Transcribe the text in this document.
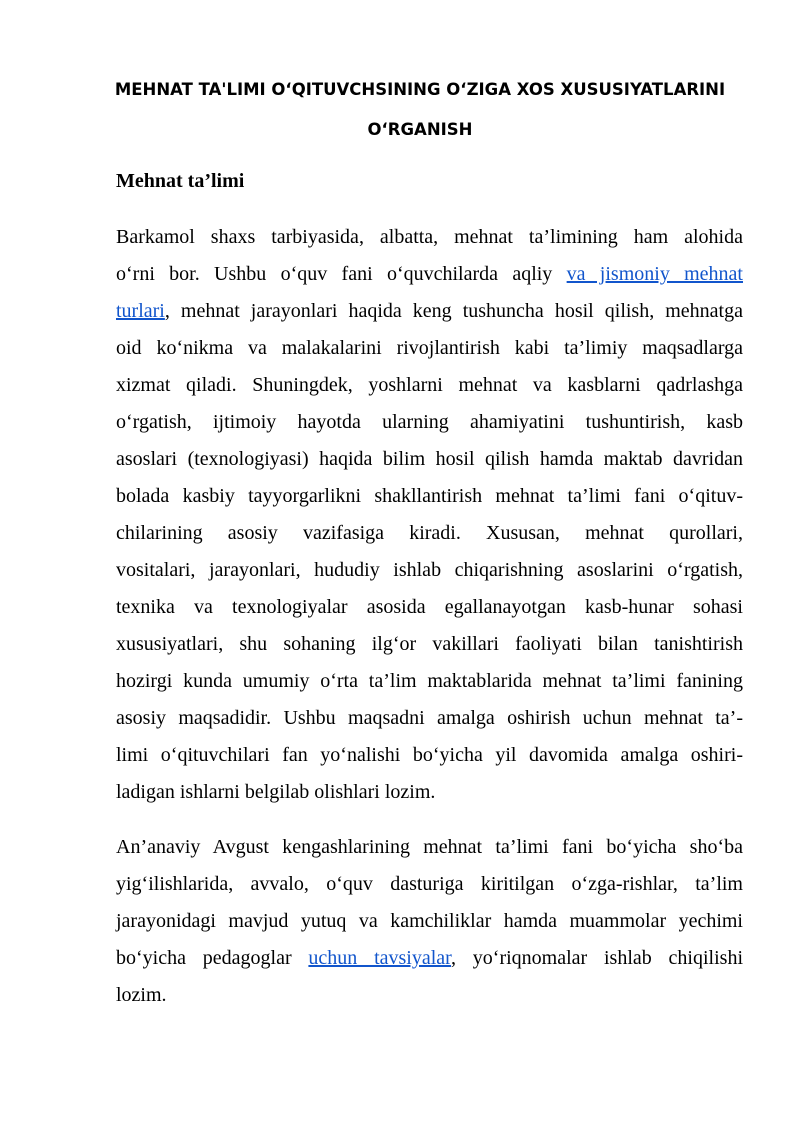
MEHNAT TA'LIMI O‘QITUVCHSINING O‘ZIGA XOS XUSUSIYATLARINI
O‘RGANISH
Mehnat ta’limi
Barkamol shaxs tarbiyasida, albatta, mehnat ta’limining ham alohida
o‘rni bor. Ushbu o‘quv fani o‘quvchilarda aqliy va jismoniy mehnat
turlari, mehnat jarayonlari haqida keng tushuncha hosil qilish, mehnatga
oid ko‘nikma va malakalarini rivojlantirish kabi ta’limiy maqsadlarga
xizmat qiladi. Shuningdek, yoshlarni mehnat va kasblarni qadrlashga
o‘rgatish, ijtimoiy hayotda ularning ahamiyatini tushuntirish, kasb
asoslari (texnologiyasi) haqida bilim hosil qilish hamda maktab davridan
bolada kasbiy tayyorgarlikni shakllantirish mehnat ta’limi fani o‘qituv-
chilarining asosiy vazifasiga kiradi. Xususan, mehnat qurollari,
vositalari, jarayonlari, hududiy ishlab chiqarishning asoslarini o‘rgatish,
texnika va texnologiyalar asosida egallanayotgan kasb-hunar sohasi
xususiyatlari, shu sohaning ilg‘or vakillari faoliyati bilan tanishtirish
hozirgi kunda umumiy o‘rta ta’lim maktablarida mehnat ta’limi fanining
asosiy maqsadidir. Ushbu maqsadni amalga oshirish uchun mehnat ta’-
limi o‘qituvchilari fan yo‘nalishi bo‘yicha yil davomida amalga oshiri-
ladigan ishlarni belgilab olishlari lozim.
An’anaviy Avgust kengashlarining mehnat ta’limi fani bo‘yicha sho‘ba
yig‘ilishlarida, avvalo, o‘quv dasturiga kiritilgan o‘zga-rishlar, ta’lim
jarayonidagi mavjud yutuq va kamchiliklar hamda muammolar yechimi
bo‘yicha pedagoglar uchun tavsiyalar, yo‘riqnomalar ishlab chiqilishi
lozim.
